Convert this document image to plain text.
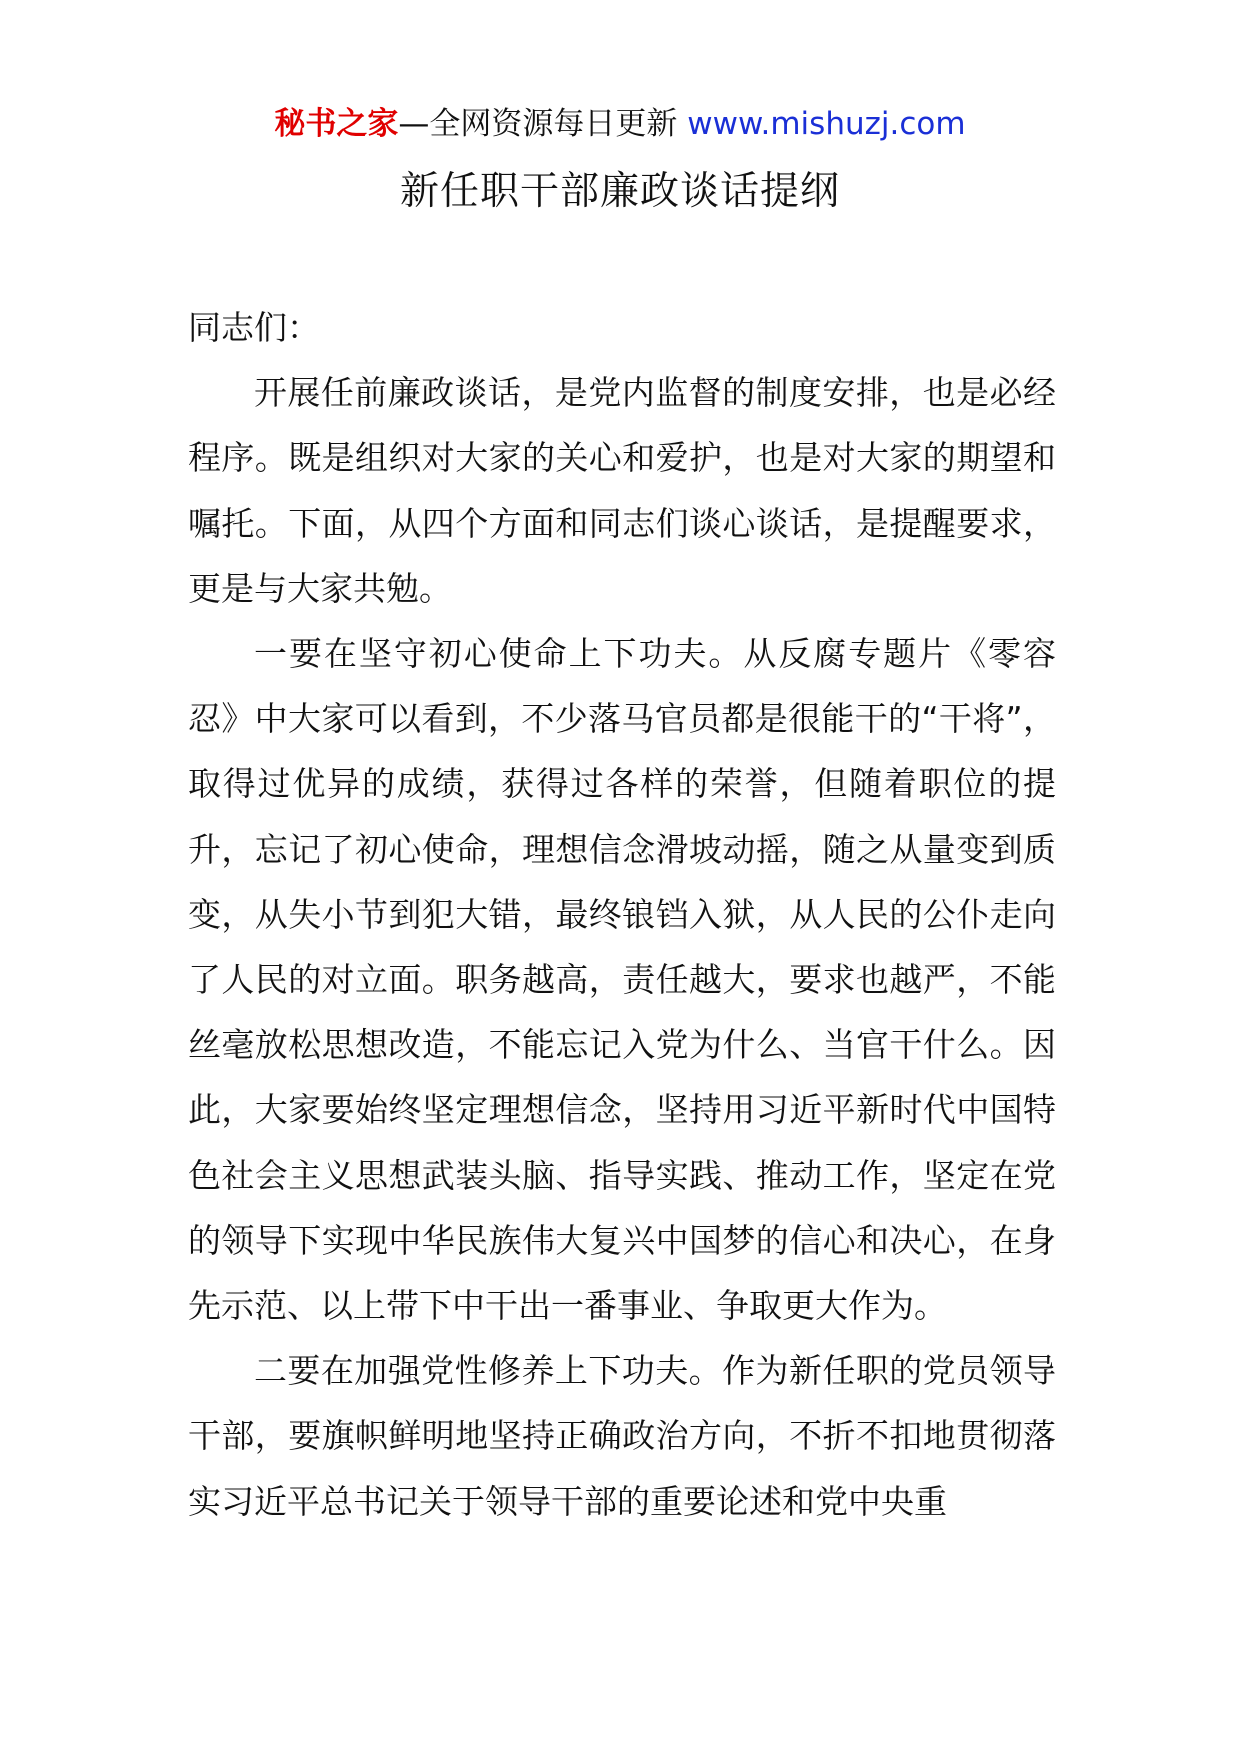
秘书之家—全网资源每日更新 www.mishuzj.com
新任职干部廉政谈话提纲

同志们：

开展任前廉政谈话，是党内监督的制度安排，也是必经程序。既是组织对大家的关心和爱护，也是对大家的期望和嘱托。下面，从四个方面和同志们谈心谈话，是提醒要求，更是与大家共勉。

一要在坚守初心使命上下功夫。从反腐专题片《零容忍》中大家可以看到，不少落马官员都是很能干的“干将”，取得过优异的成绩，获得过各样的荣誉，但随着职位的提升，忘记了初心使命，理想信念滑坡动摇，随之从量变到质变，从失小节到犯大错，最终锒铛入狱，从人民的公仆走向了人民的对立面。职务越高，责任越大，要求也越严，不能丝毫放松思想改造，不能忘记入党为什么、当官干什么。因此，大家要始终坚定理想信念，坚持用习近平新时代中国特色社会主义思想武装头脑、指导实践、推动工作，坚定在党的领导下实现中华民族伟大复兴中国梦的信心和决心，在身先示范、以上带下中干出一番事业、争取更大作为。

二要在加强党性修养上下功夫。作为新任职的党员领导干部，要旗帜鲜明地坚持正确政治方向，不折不扣地贯彻落实习近平总书记关于领导干部的重要论述和党中央重
